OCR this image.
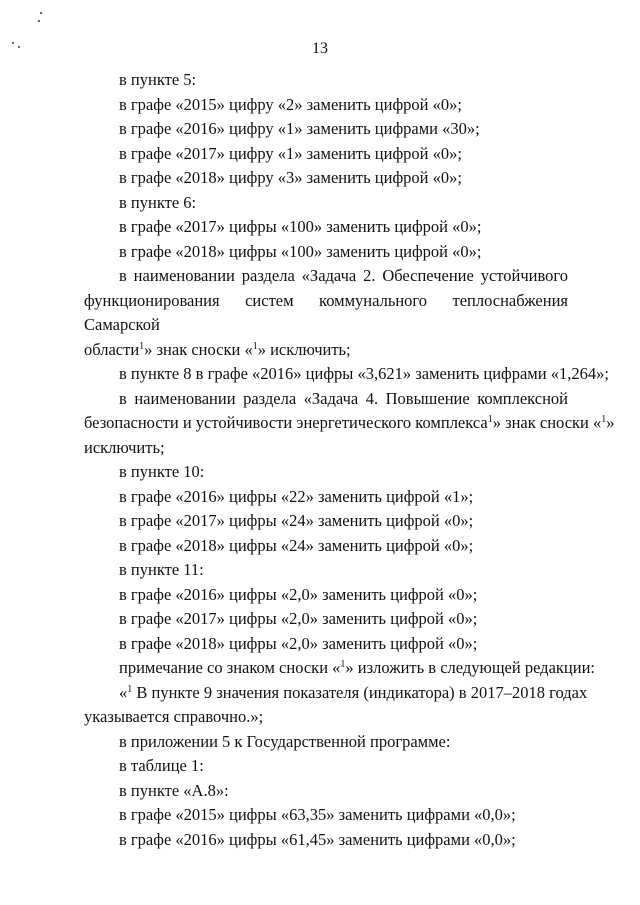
13

в пункте 5:

в графе «2015» цифру «2» заменить цифрой «0»;

в графе «2016» цифру «1» заменить цифрами «30»;

в графе «2017» цифру «1» заменить цифрой «0»;

в графе «2018» цифру «3» заменить цифрой «0»;

в пункте 6:

в графе «2017» цифры «100» заменить цифрой «0»;

в графе «2018» цифры «100» заменить цифрой «0»;

в наименовании раздела «Задача 2. Обеспечение устойчивого

функционирования систем коммунального теплоснабжения Самарской

области$^1$» знак сноски «$^1$» исключить;

в пункте 8 в графе «2016» цифры «3,621» заменить цифрами «1,264»;

в наименовании раздела «Задача 4. Повышение комплексной

безопасности и устойчивости энергетического комплекса$^1$» знак сноски «$^1$»

исключить;

в пункте 10:

в графе «2016» цифры «22» заменить цифрой «1»;

в графе «2017» цифры «24» заменить цифрой «0»;

в графе «2018» цифры «24» заменить цифрой «0»;

в пункте 11:

в графе «2016» цифры «2,0» заменить цифрой «0»;

в графе «2017» цифры «2,0» заменить цифрой «0»;

в графе «2018» цифры «2,0» заменить цифрой «0»;

примечание со знаком сноски «$^1$» изложить в следующей редакции:

«$^1$ В пункте 9 значения показателя (индикатора) в 2017–2018 годах

указывается справочно.»;

в приложении 5 к Государственной программе:

в таблице 1:

в пункте «А.8»:

в графе «2015» цифры «63,35» заменить цифрами «0,0»;

в графе «2016» цифры «61,45» заменить цифрами «0,0»;
